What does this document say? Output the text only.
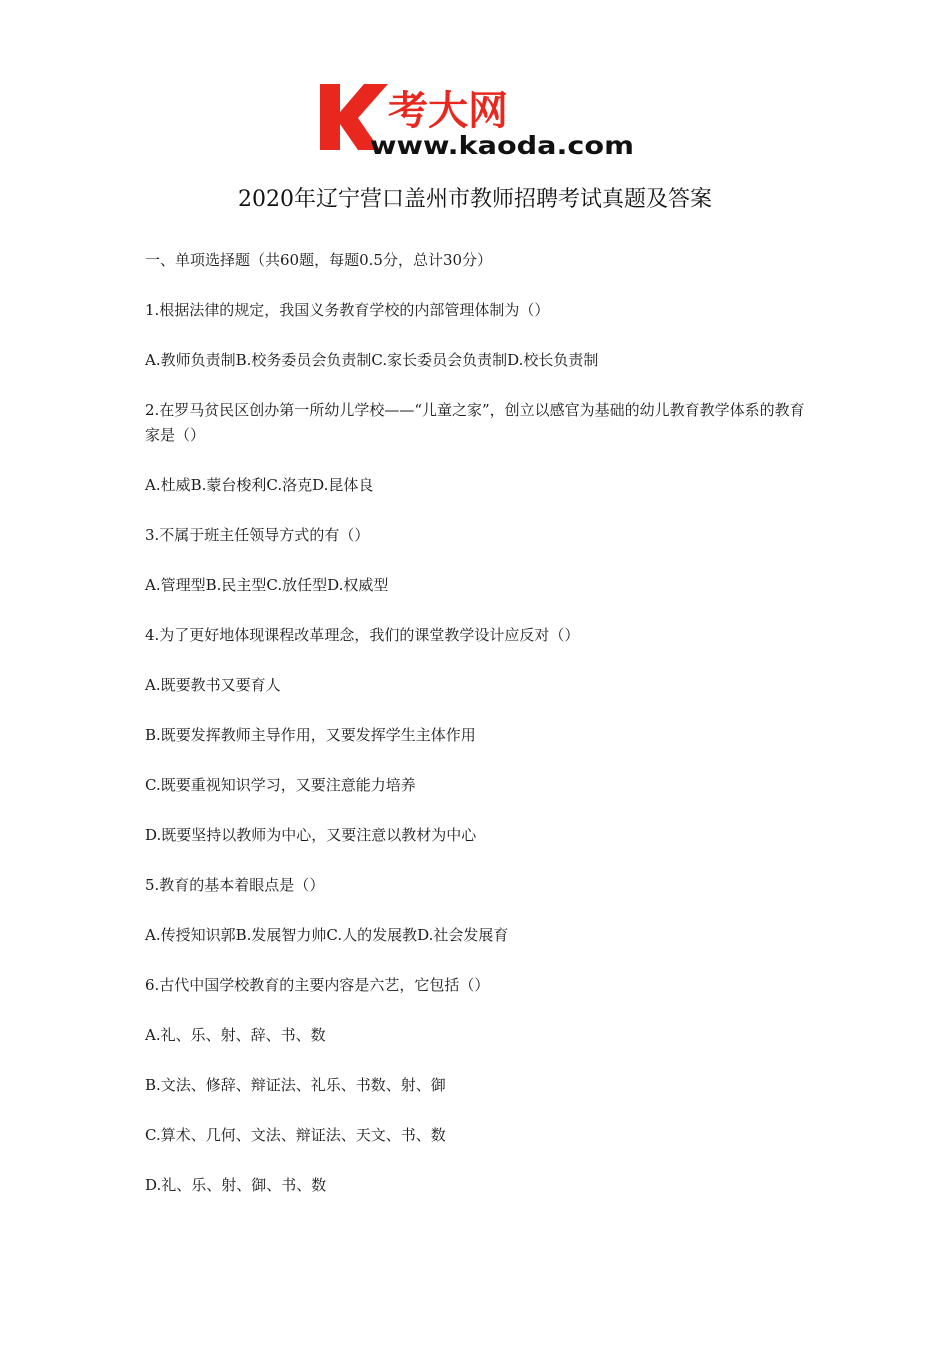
考大网
www.kaoda.com
2020年辽宁营口盖州市教师招聘考试真题及答案
一、单项选择题（共60题，每题0.5分，总计30分）
1.根据法律的规定，我国义务教育学校的内部管理体制为（）
A.教师负责制B.校务委员会负责制C.家长委员会负责制D.校长负责制
2.在罗马贫民区创办第一所幼儿学校——“儿童之家”，创立以感官为基础的幼儿教育教学体系的教育家是（）
A.杜威B.蒙台梭利C.洛克D.昆体良
3.不属于班主任领导方式的有（）
A.管理型B.民主型C.放任型D.权威型
4.为了更好地体现课程改革理念，我们的课堂教学设计应反对（）
A.既要教书又要育人
B.既要发挥教师主导作用，又要发挥学生主体作用
C.既要重视知识学习，又要注意能力培养
D.既要坚持以教师为中心，又要注意以教材为中心
5.教育的基本着眼点是（）
A.传授知识郭B.发展智力帅C.人的发展教D.社会发展育
6.古代中国学校教育的主要内容是六艺，它包括（）
A.礼、乐、射、辞、书、数
B.文法、修辞、辩证法、礼乐、书数、射、御
C.算术、几何、文法、辩证法、天文、书、数
D.礼、乐、射、御、书、数
